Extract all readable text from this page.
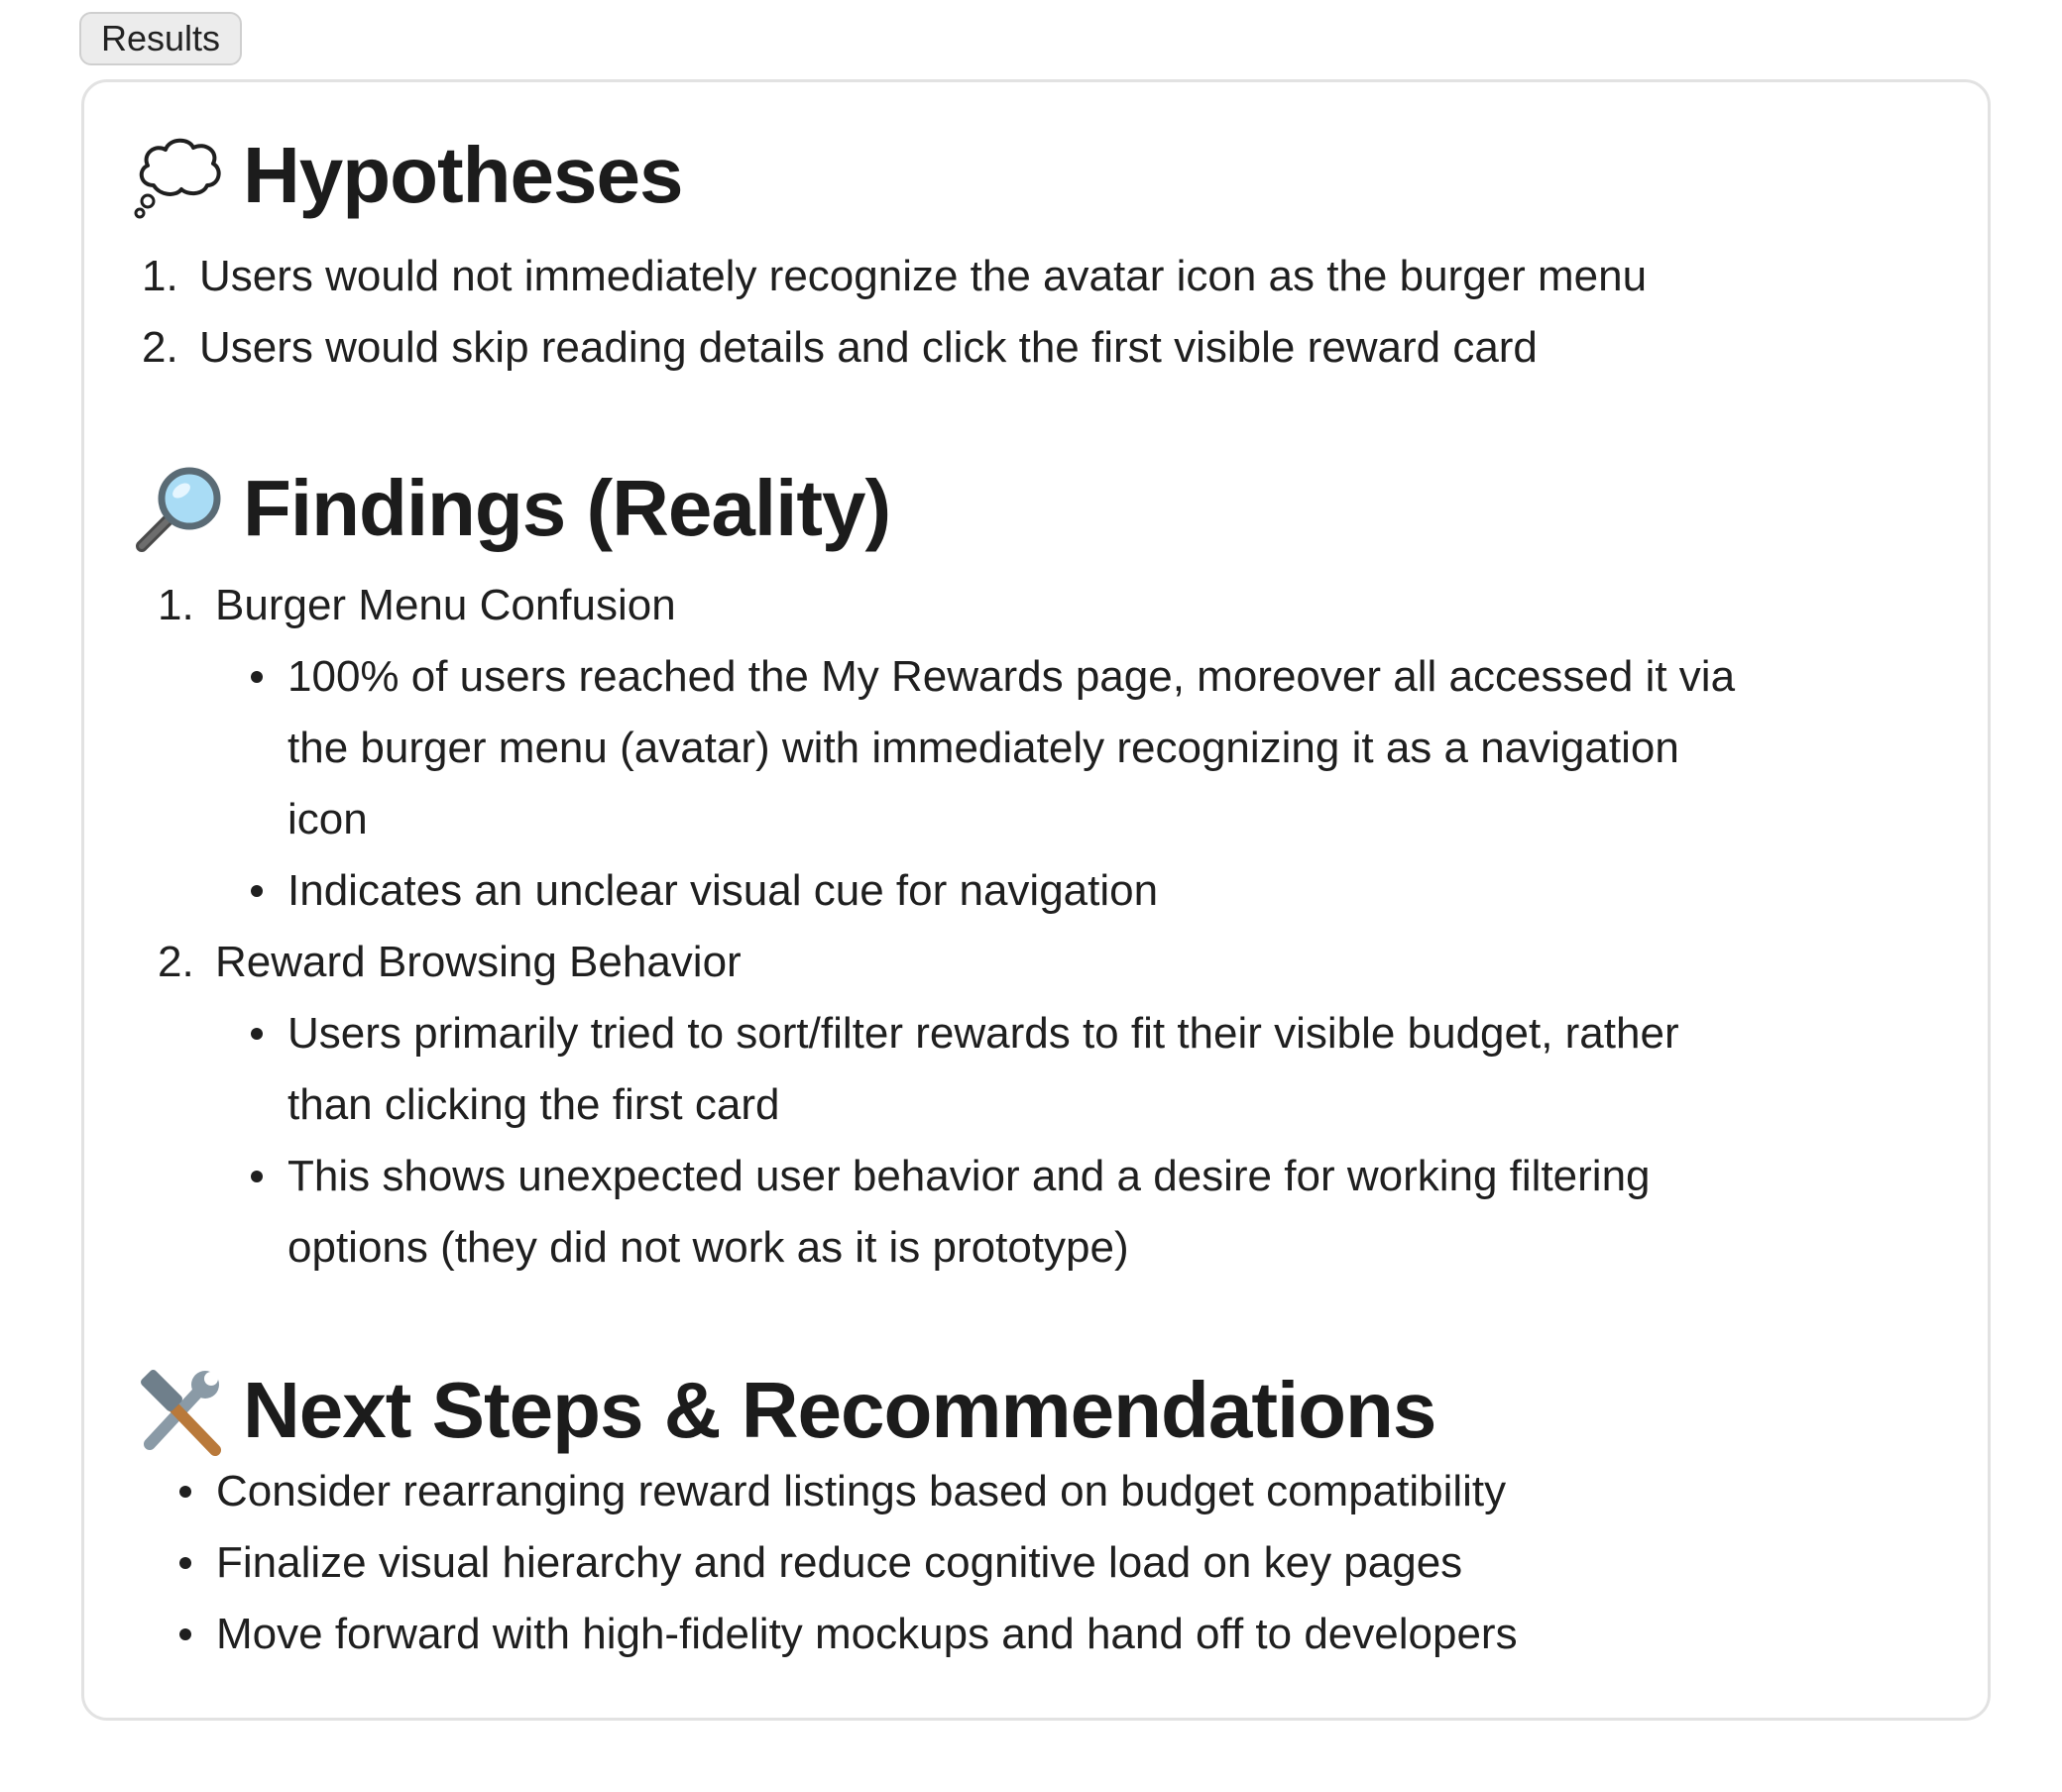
Results
Hypotheses
1. Users would not immediately recognize the avatar icon as the burger menu
2. Users would skip reading details and click the first visible reward card
Findings (Reality)
1. Burger Menu Confusion
100% of users reached the My Rewards page, moreover all accessed it via
the burger menu (avatar) with immediately recognizing it as a navigation
icon
Indicates an unclear visual cue for navigation
2. Reward Browsing Behavior
Users primarily tried to sort/filter rewards to fit their visible budget, rather
than clicking the first card
This shows unexpected user behavior and a desire for working filtering
options (they did not work as it is prototype)
Next Steps & Recommendations
Consider rearranging reward listings based on budget compatibility
Finalize visual hierarchy and reduce cognitive load on key pages
Move forward with high-fidelity mockups and hand off to developers
